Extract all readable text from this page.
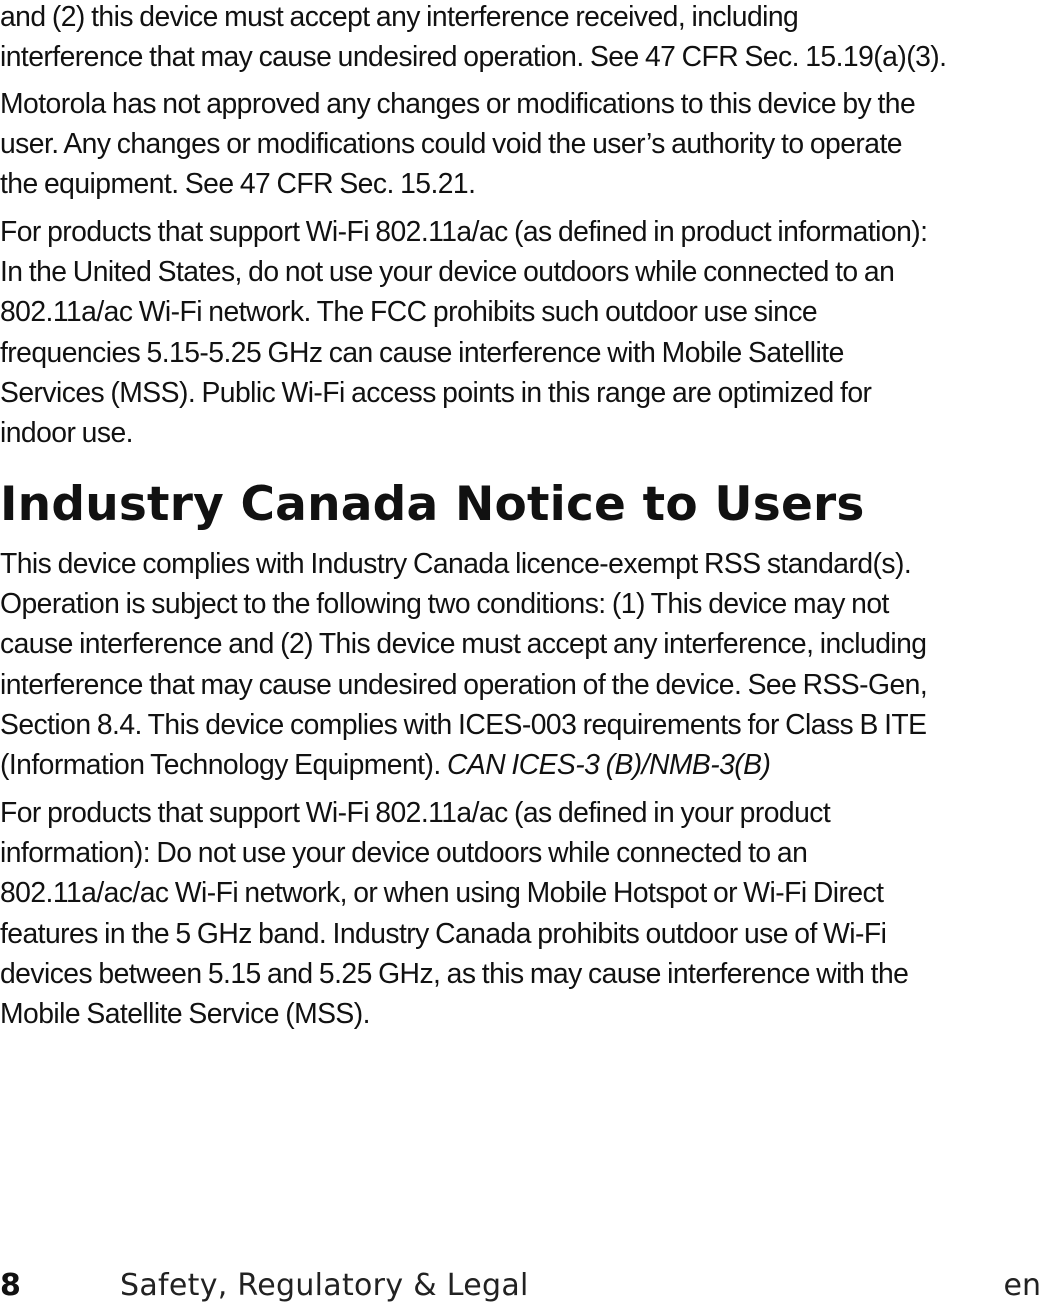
and (2) this device must accept any interference received, including
interference that may cause undesired operation. See 47 CFR Sec. 15.19(a)(3).

Motorola has not approved any changes or modifications to this device by the
user. Any changes or modifications could void the user’s authority to operate
the equipment. See 47 CFR Sec. 15.21.

For products that support Wi-Fi 802.11a/ac (as defined in product information):
In the United States, do not use your device outdoors while connected to an
802.11a/ac Wi-Fi network. The FCC prohibits such outdoor use since
frequencies 5.15-5.25 GHz can cause interference with Mobile Satellite
Services (MSS). Public Wi-Fi access points in this range are optimized for
indoor use.

Industry Canada Notice to Users

This device complies with Industry Canada licence-exempt RSS standard(s).
Operation is subject to the following two conditions: (1) This device may not
cause interference and (2) This device must accept any interference, including
interference that may cause undesired operation of the device. See RSS-Gen,
Section 8.4. This device complies with ICES-003 requirements for Class B ITE
(Information Technology Equipment). CAN ICES-3 (B)/NMB-3(B)

For products that support Wi-Fi 802.11a/ac (as defined in your product
information): Do not use your device outdoors while connected to an
802.11a/ac/ac Wi-Fi network, or when using Mobile Hotspot or Wi-Fi Direct
features in the 5 GHz band. Industry Canada prohibits outdoor use of Wi-Fi
devices between 5.15 and 5.25 GHz, as this may cause interference with the
Mobile Satellite Service (MSS).

8	Safety, Regulatory & Legal	en
